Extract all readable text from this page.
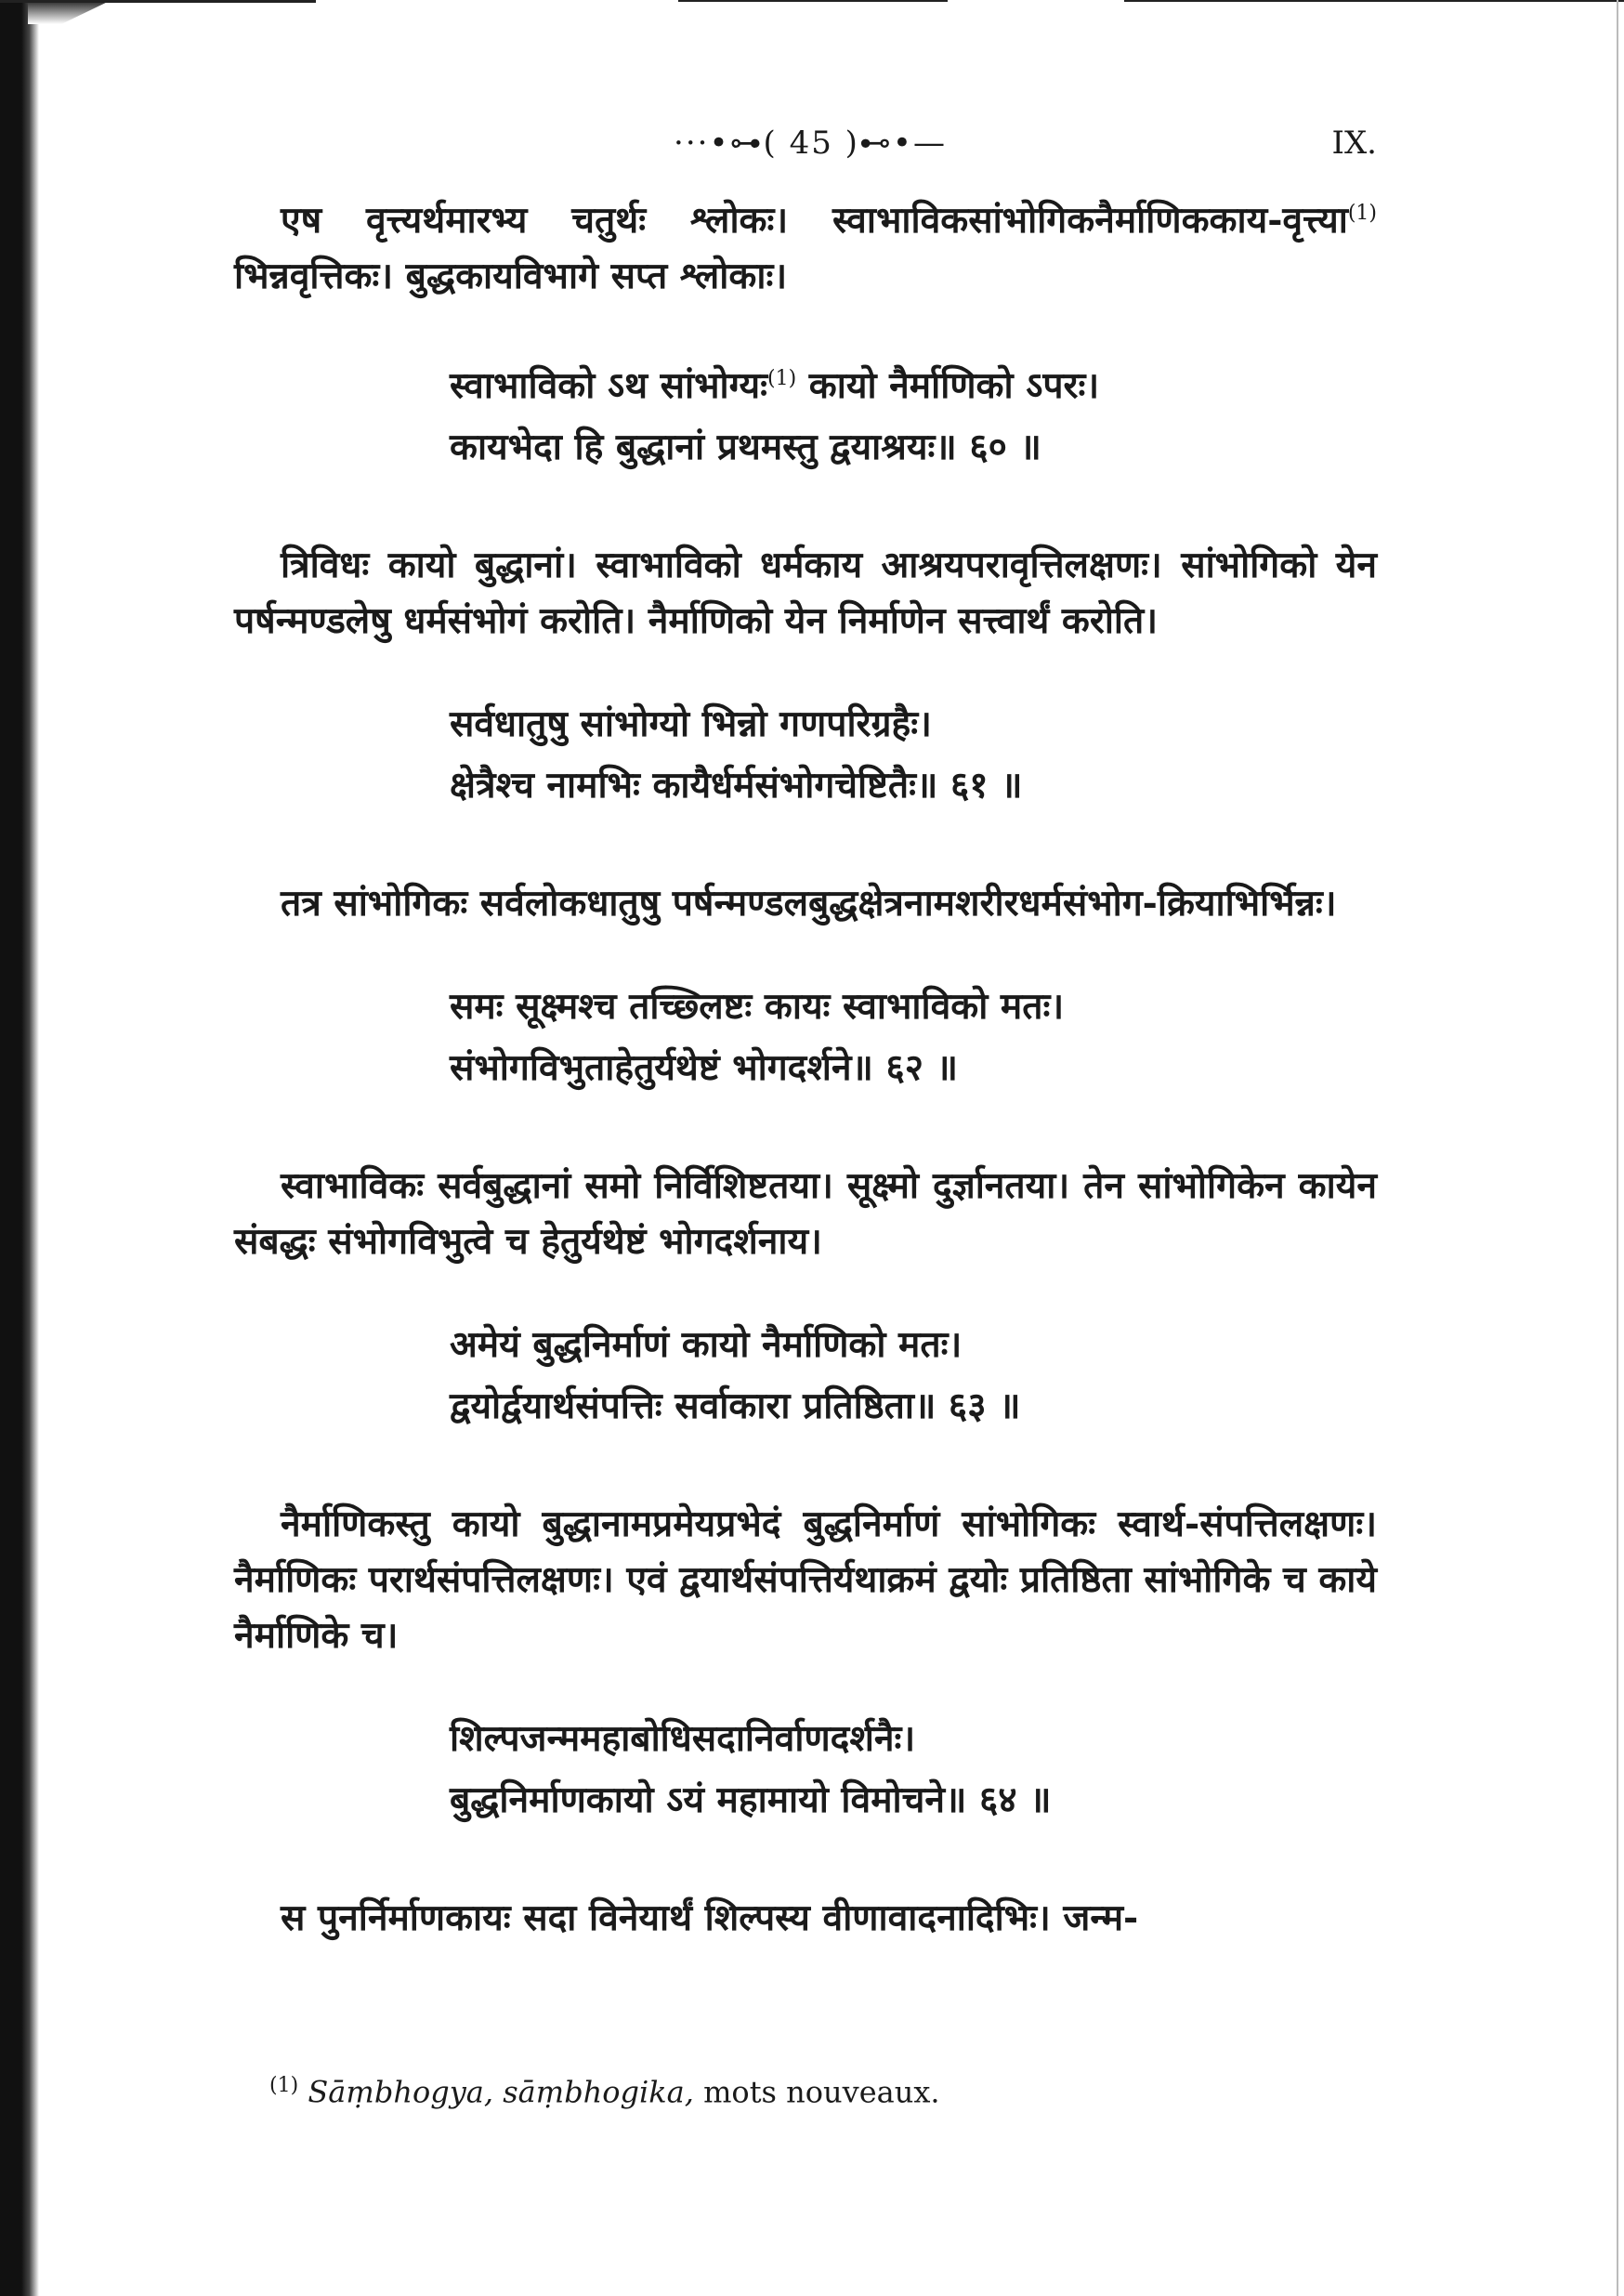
···•⊶( 45 )⊷•—	IX.

एष वृत्त्यर्थमारभ्य चतुर्थः श्लोकः। स्वाभाविकसांभोगिकनैर्माणिककाय-वृत्त्या$^{(1)}$ भिन्नवृत्तिकः। बुद्धकायविभागे सप्त श्लोकाः।

स्वाभाविको ऽथ सांभोग्यः$^{(1)}$ कायो नैर्माणिको ऽपरः।
कायभेदा हि बुद्धानां प्रथमस्तु द्वयाश्रयः॥ ६० ॥

त्रिविधः कायो बुद्धानां। स्वाभाविको धर्मकाय आश्रयपरावृत्तिलक्षणः। सांभोगिको येन पर्षन्मण्डलेषु धर्मसंभोगं करोति। नैर्माणिको येन निर्माणेन सत्त्वार्थं करोति।

सर्वधातुषु सांभोग्यो भिन्नो गणपरिग्रहैः।
क्षेत्रैश्च नामभिः कायैर्धर्मसंभोगचेष्टितैः॥ ६१ ॥

तत्र सांभोगिकः सर्वलोकधातुषु पर्षन्मण्डलबुद्धक्षेत्रनामशरीरधर्मसंभोग-क्रियाभिर्भिन्नः।

समः सूक्ष्मश्च तच्छ्लिष्टः कायः स्वाभाविको मतः।
संभोगविभुताहेतुर्यथेष्टं भोगदर्शने॥ ६२ ॥

स्वाभाविकः सर्वबुद्धानां समो निर्विशिष्टतया। सूक्ष्मो दुर्ज्ञानतया। तेन सांभोगिकेन कायेन संबद्धः संभोगविभुत्वे च हेतुर्यथेष्टं भोगदर्शनाय।

अमेयं बुद्धनिर्माणं कायो नैर्माणिको मतः।
द्वयोर्द्वयार्थसंपत्तिः सर्वाकारा प्रतिष्ठिता॥ ६३ ॥

नैर्माणिकस्तु कायो बुद्धानामप्रमेयप्रभेदं बुद्धनिर्माणं सांभोगिकः स्वार्थ-संपत्तिलक्षणः। नैर्माणिकः परार्थसंपत्तिलक्षणः। एवं द्वयार्थसंपत्तिर्यथाक्रमं द्वयोः प्रतिष्ठिता सांभोगिके च काये नैर्माणिके च।

शिल्पजन्ममहाबोधिसदानिर्वाणदर्शनैः।
बुद्धनिर्माणकायो ऽयं महामायो विमोचने॥ ६४ ॥

स पुनर्निर्माणकायः सदा विनेयार्थं शिल्पस्य वीणावादनादिभिः। जन्म-

$^{(1)}$ Sāṃbhogya, sāṃbhogika, mots nouveaux.
